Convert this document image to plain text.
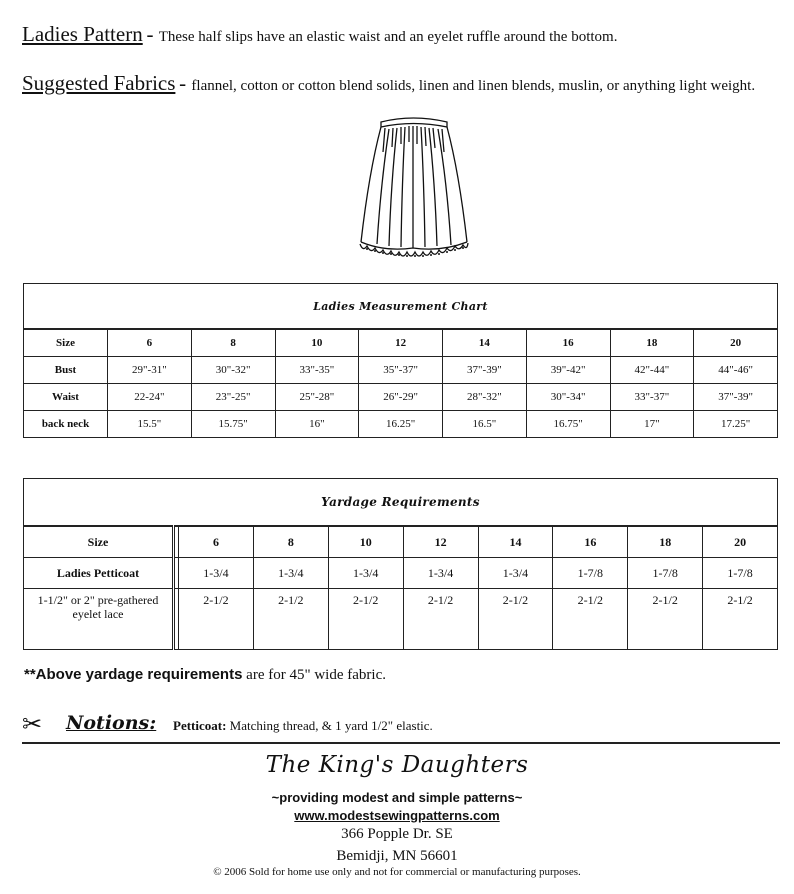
Ladies Pattern - These half slips have an elastic waist and an eyelet ruffle around the bottom.
Suggested Fabrics - flannel, cotton or cotton blend solids, linen and linen blends, muslin, or anything light weight.
Ladies Measurement Chart								
Size	6	8	10	12	14	16	18	20
Bust	29"-31"	30"-32"	33"-35"	35"-37"	37"-39"	39"-42"	42"-44"	44"-46"
Waist	22-24"	23"-25"	25"-28"	26"-29"	28"-32"	30"-34"	33"-37"	37"-39"
back neck	15.5"	15.75"	16"	16.25"	16.5"	16.75"	17"	17.25"
Yardage Requirements									
Size		6	8	10	12	14	16	18	20
Ladies Petticoat		1-3/4	1-3/4	1-3/4	1-3/4	1-3/4	1-7/8	1-7/8	1-7/8
1-1/2" or 2" pre-gathered eyelet lace		2-1/2	2-1/2	2-1/2	2-1/2	2-1/2	2-1/2	2-1/2	2-1/2
**Above yardage requirements are for 45" wide fabric.
✂ Notions: Petticoat: Matching thread, & 1 yard 1/2" elastic.
The King's Daughters
~providing modest and simple patterns~
www.modestsewingpatterns.com
366 Popple Dr. SE
Bemidji, MN 56601
© 2006 Sold for home use only and not for commercial or manufacturing purposes.
